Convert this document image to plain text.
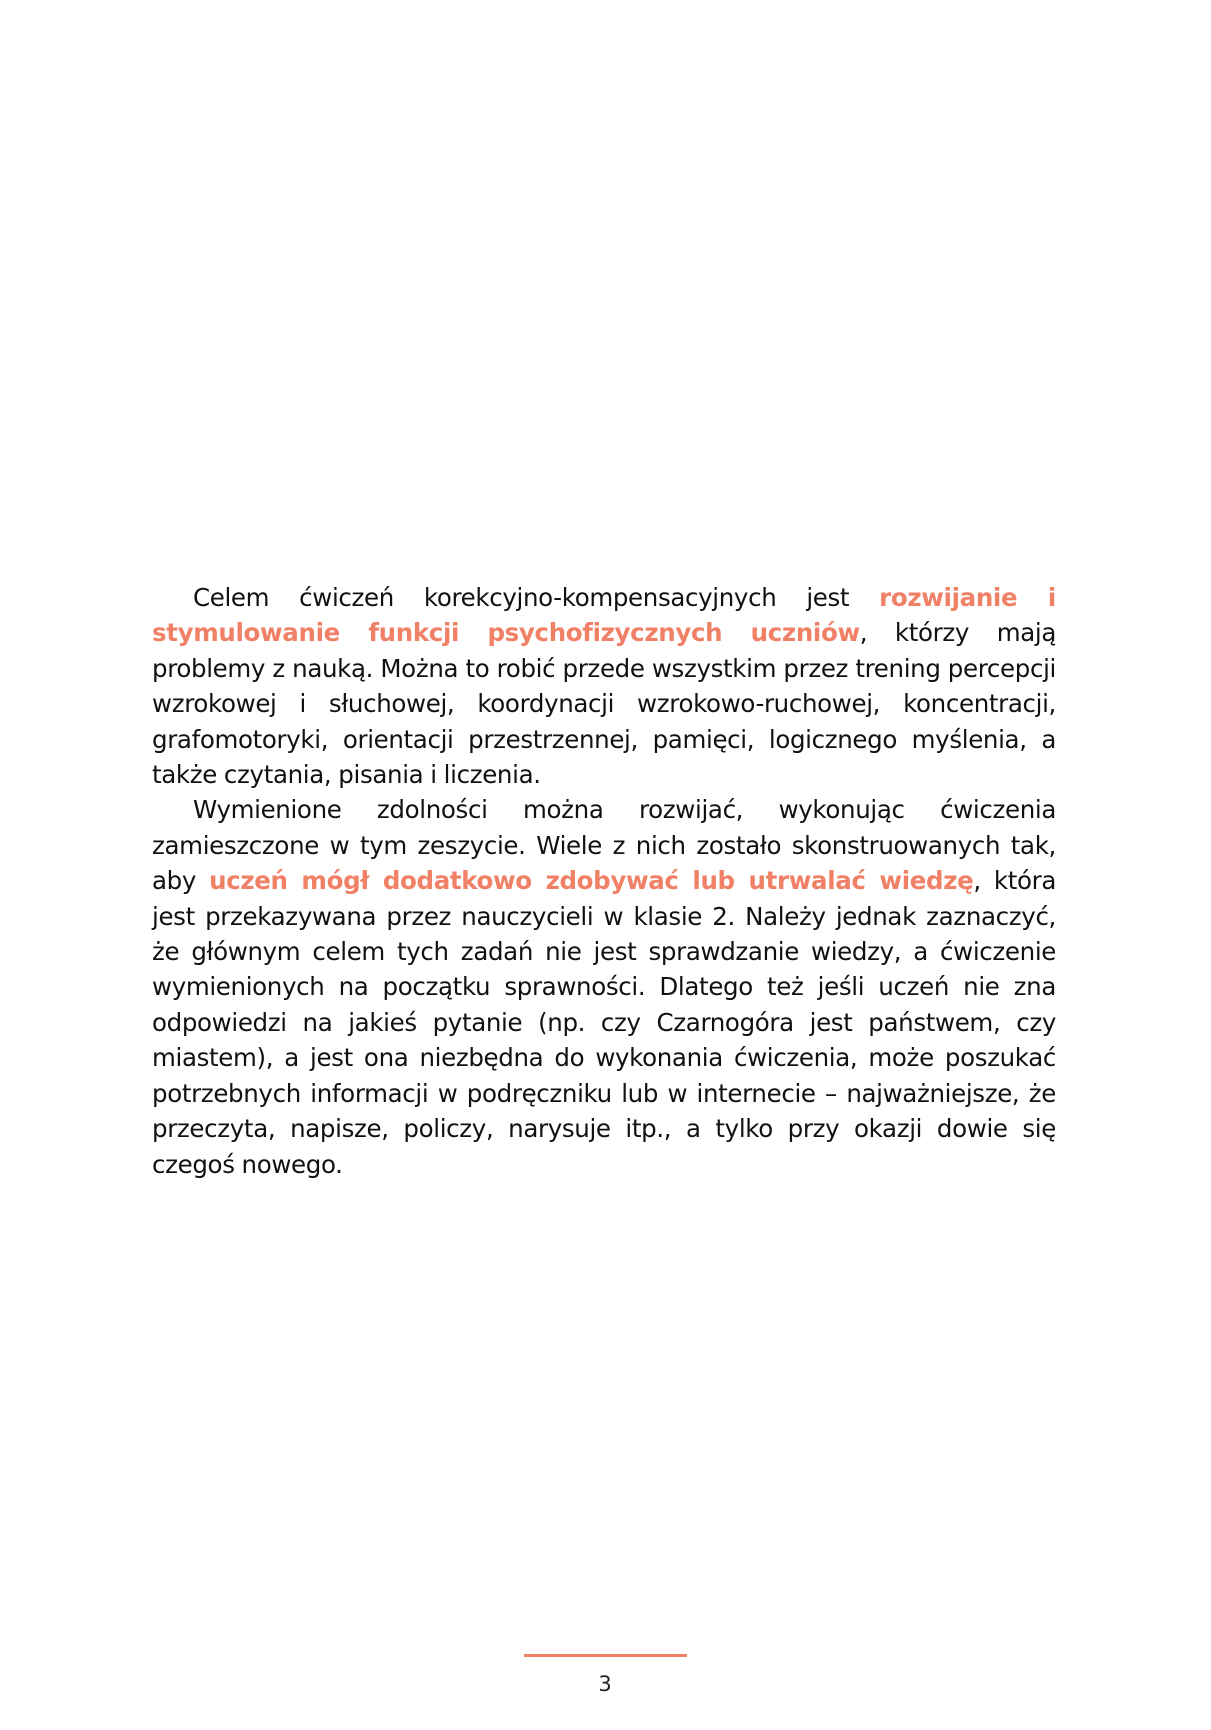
Celem ćwiczeń korekcyjno-kompensacyjnych jest rozwijanie i stymulowanie funkcji psychofizycznych uczniów, którzy mają problemy z nauką. Można to robić przede wszystkim przez trening percepcji wzrokowej i słuchowej, koordynacji wzrokowo-ruchowej, koncentracji, grafomotoryki, orientacji przestrzennej, pamięci, logicznego myślenia, a także czytania, pisania i liczenia.

Wymienione zdolności można rozwijać, wykonując ćwiczenia zamieszczone w tym zeszycie. Wiele z nich zostało skonstruowanych tak, aby uczeń mógł dodatkowo zdobywać lub utrwalać wiedzę, która jest przekazywana przez nauczycieli w klasie 2. Należy jednak zaznaczyć, że głównym celem tych zadań nie jest sprawdzanie wiedzy, a ćwiczenie wymienionych na początku sprawności. Dlatego też jeśli uczeń nie zna odpowiedzi na jakieś pytanie (np. czy Czarnogóra jest państwem, czy miastem), a jest ona niezbędna do wykonania ćwiczenia, może poszukać potrzebnych informacji w podręczniku lub w internecie – najważniejsze, że przeczyta, napisze, policzy, narysuje itp., a tylko przy okazji dowie się czegoś nowego.

3
